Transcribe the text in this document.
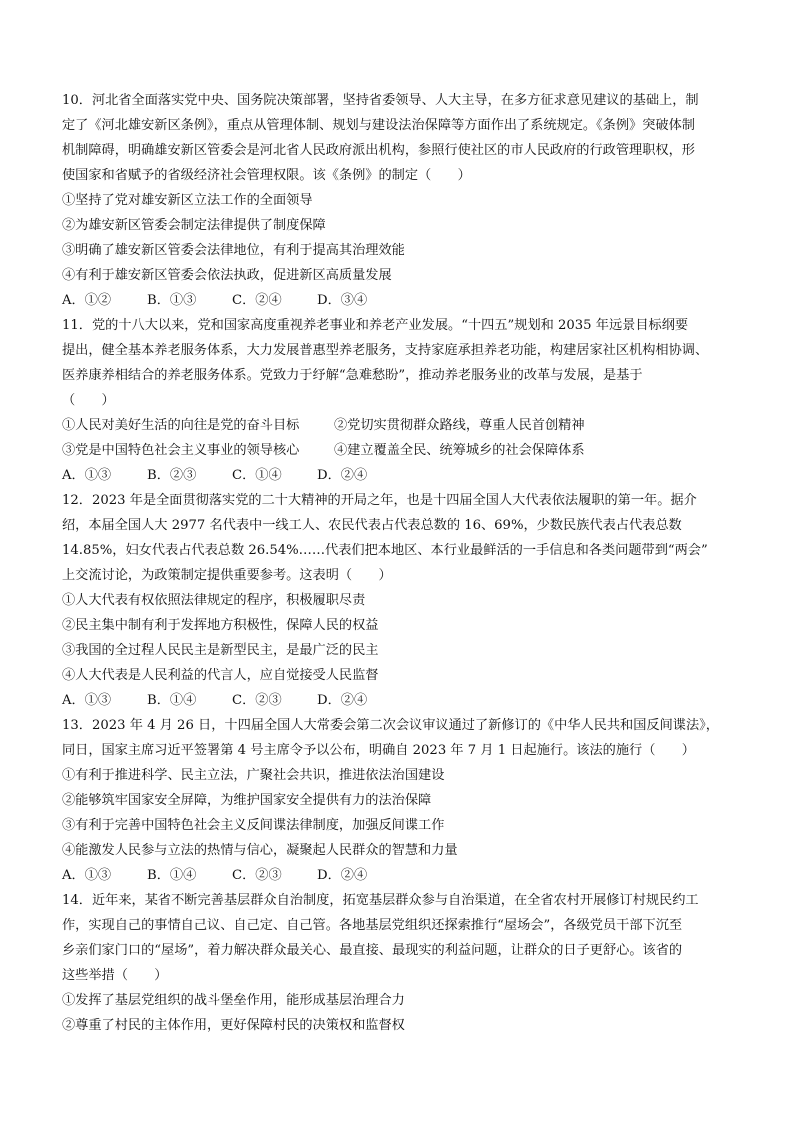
10．河北省全面落实党中央、国务院决策部署，坚持省委领导、人大主导，在多方征求意见建议的基础上，制
定了《河北雄安新区条例》，重点从管理体制、规划与建设法治保障等方面作出了系统规定。《条例》突破体制
机制障碍，明确雄安新区管委会是河北省人民政府派出机构，参照行使社区的市人民政府的行政管理职权，形
使国家和省赋予的省级经济社会管理权限。该《条例》的制定（　　）
①坚持了党对雄安新区立法工作的全面领导
②为雄安新区管委会制定法律提供了制度保障
③明确了雄安新区管委会法律地位，有利于提高其治理效能
④有利于雄安新区管委会依法执政，促进新区高质量发展
A．①②	B．①③	C．②④	D．③④
11．党的十八大以来，党和国家高度重视养老事业和养老产业发展。“十四五”规划和 2035 年远景目标纲要
提出，健全基本养老服务体系，大力发展普惠型养老服务，支持家庭承担养老功能，构建居家社区机构相协调、
医养康养相结合的养老服务体系。党致力于纾解“急难愁盼”，推动养老服务业的改革与发展，是基于
（　　）
①人民对美好生活的向往是党的奋斗目标	②党切实贯彻群众路线，尊重人民首创精神
③党是中国特色社会主义事业的领导核心	④建立覆盖全民、统筹城乡的社会保障体系
A．①③	B．②③	C．①④	D．②④
12．2023 年是全面贯彻落实党的二十大精神的开局之年，也是十四届全国人大代表依法履职的第一年。据介
绍，本届全国人大 2977 名代表中一线工人、农民代表占代表总数的 16、69%，少数民族代表占代表总数
14.85%，妇女代表占代表总数 26.54%……代表们把本地区、本行业最鲜活的一手信息和各类问题带到“两会”
上交流讨论，为政策制定提供重要参考。这表明（　　）
①人大代表有权依照法律规定的程序，积极履职尽责
②民主集中制有利于发挥地方积极性，保障人民的权益
③我国的全过程人民民主是新型民主，是最广泛的民主
④人大代表是人民利益的代言人，应自觉接受人民监督
A．①③	B．①④	C．②③	D．②④
13．2023 年 4 月 26 日，十四届全国人大常委会第二次会议审议通过了新修订的《中华人民共和国反间谍法》，
同日，国家主席习近平签署第 4 号主席令予以公布，明确自 2023 年 7 月 1 日起施行。该法的施行（　　）
①有利于推进科学、民主立法，广聚社会共识，推进依法治国建设
②能够筑牢国家安全屏障，为维护国家安全提供有力的法治保障
③有利于完善中国特色社会主义反间谍法律制度，加强反间谍工作
④能激发人民参与立法的热情与信心，凝聚起人民群众的智慧和力量
A．①③	B．①④	C．②③	D．②④
14．近年来，某省不断完善基层群众自治制度，拓宽基层群众参与自治渠道，在全省农村开展修订村规民约工
作，实现自己的事情自己议、自己定、自己管。各地基层党组织还探索推行“屋场会”，各级党员干部下沉至
乡亲们家门口的“屋场”，着力解决群众最关心、最直接、最现实的利益问题，让群众的日子更舒心。该省的
这些举措（　　）
①发挥了基层党组织的战斗堡垒作用，能形成基层治理合力
②尊重了村民的主体作用，更好保障村民的决策权和监督权
